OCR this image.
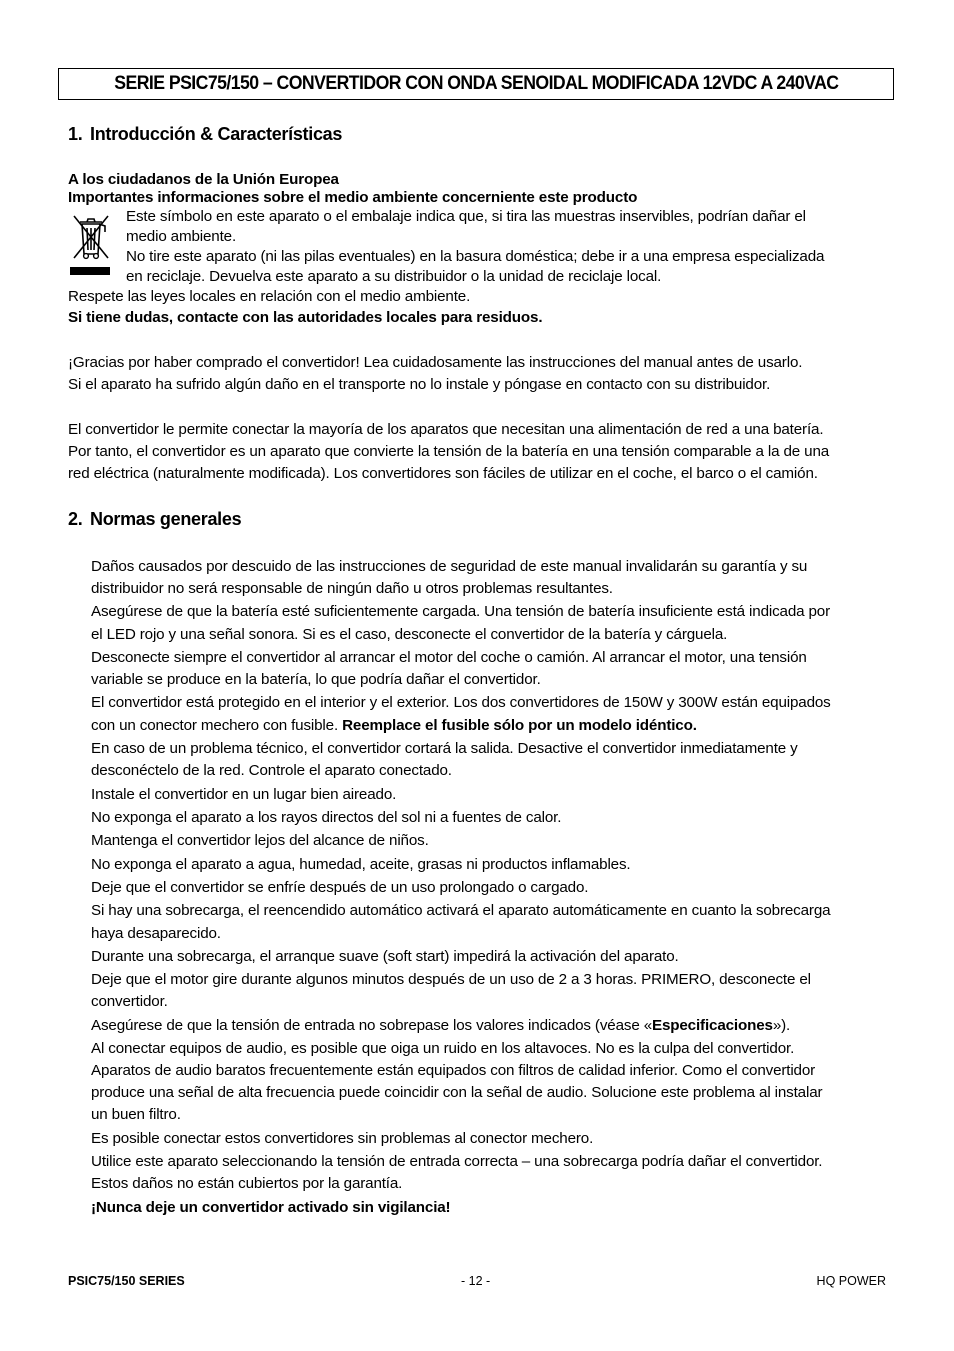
SERIE PSIC75/150 – CONVERTIDOR CON ONDA SENOIDAL MODIFICADA 12VDC A 240VAC
1. Introducción & Características
A los ciudadanos de la Unión Europea
Importantes informaciones sobre el medio ambiente concerniente este producto
Este símbolo en este aparato o el embalaje indica que, si tira las muestras inservibles, podrían dañar el
medio ambiente.
No tire este aparato (ni las pilas eventuales) en la basura doméstica; debe ir a una empresa especializada
en reciclaje. Devuelva este aparato a su distribuidor o la unidad de reciclaje local.
Respete las leyes locales en relación con el medio ambiente.
Si tiene dudas, contacte con las autoridades locales para residuos.
¡Gracias por haber comprado el convertidor! Lea cuidadosamente las instrucciones del manual antes de usarlo.
Si el aparato ha sufrido algún daño en el transporte no lo instale y póngase en contacto con su distribuidor.
El convertidor le permite conectar la mayoría de los aparatos que necesitan una alimentación de red a una batería.
Por tanto, el convertidor es un aparato que convierte la tensión de la batería en una tensión comparable a la de una
red eléctrica (naturalmente modificada). Los convertidores son fáciles de utilizar en el coche, el barco o el camión.
2. Normas generales
Daños causados por descuido de las instrucciones de seguridad de este manual invalidarán su garantía y su
distribuidor no será responsable de ningún daño u otros problemas resultantes.
Asegúrese de que la batería esté suficientemente cargada. Una tensión de batería insuficiente está indicada por
el LED rojo y una señal sonora. Si es el caso, desconecte el convertidor de la batería y cárguela.
Desconecte siempre el convertidor al arrancar el motor del coche o camión. Al arrancar el motor, una tensión
variable se produce en la batería, lo que podría dañar el convertidor.
El convertidor está protegido en el interior y el exterior. Los dos convertidores de 150W y 300W están equipados
con un conector mechero con fusible. Reemplace el fusible sólo por un modelo idéntico.
En caso de un problema técnico, el convertidor cortará la salida. Desactive el convertidor inmediatamente y
desconéctelo de la red. Controle el aparato conectado.
Instale el convertidor en un lugar bien aireado.
No exponga el aparato a los rayos directos del sol ni a fuentes de calor.
Mantenga el convertidor lejos del alcance de niños.
No exponga el aparato a agua, humedad, aceite, grasas ni productos inflamables.
Deje que el convertidor se enfríe después de un uso prolongado o cargado.
Si hay una sobrecarga, el reencendido automático activará el aparato automáticamente en cuanto la sobrecarga
haya desaparecido.
Durante una sobrecarga, el arranque suave (soft start) impedirá la activación del aparato.
Deje que el motor gire durante algunos minutos después de un uso de 2 a 3 horas. PRIMERO, desconecte el
convertidor.
Asegúrese de que la tensión de entrada no sobrepase los valores indicados (véase «Especificaciones»).
Al conectar equipos de audio, es posible que oiga un ruido en los altavoces. No es la culpa del convertidor.
Aparatos de audio baratos frecuentemente están equipados con filtros de calidad inferior. Como el convertidor
produce una señal de alta frecuencia puede coincidir con la señal de audio. Solucione este problema al instalar
un buen filtro.
Es posible conectar estos convertidores sin problemas al conector mechero.
Utilice este aparato seleccionando la tensión de entrada correcta – una sobrecarga podría dañar el convertidor.
Estos daños no están cubiertos por la garantía.
¡Nunca deje un convertidor activado sin vigilancia!
PSIC75/150 SERIES	- 12 -	HQ POWER
